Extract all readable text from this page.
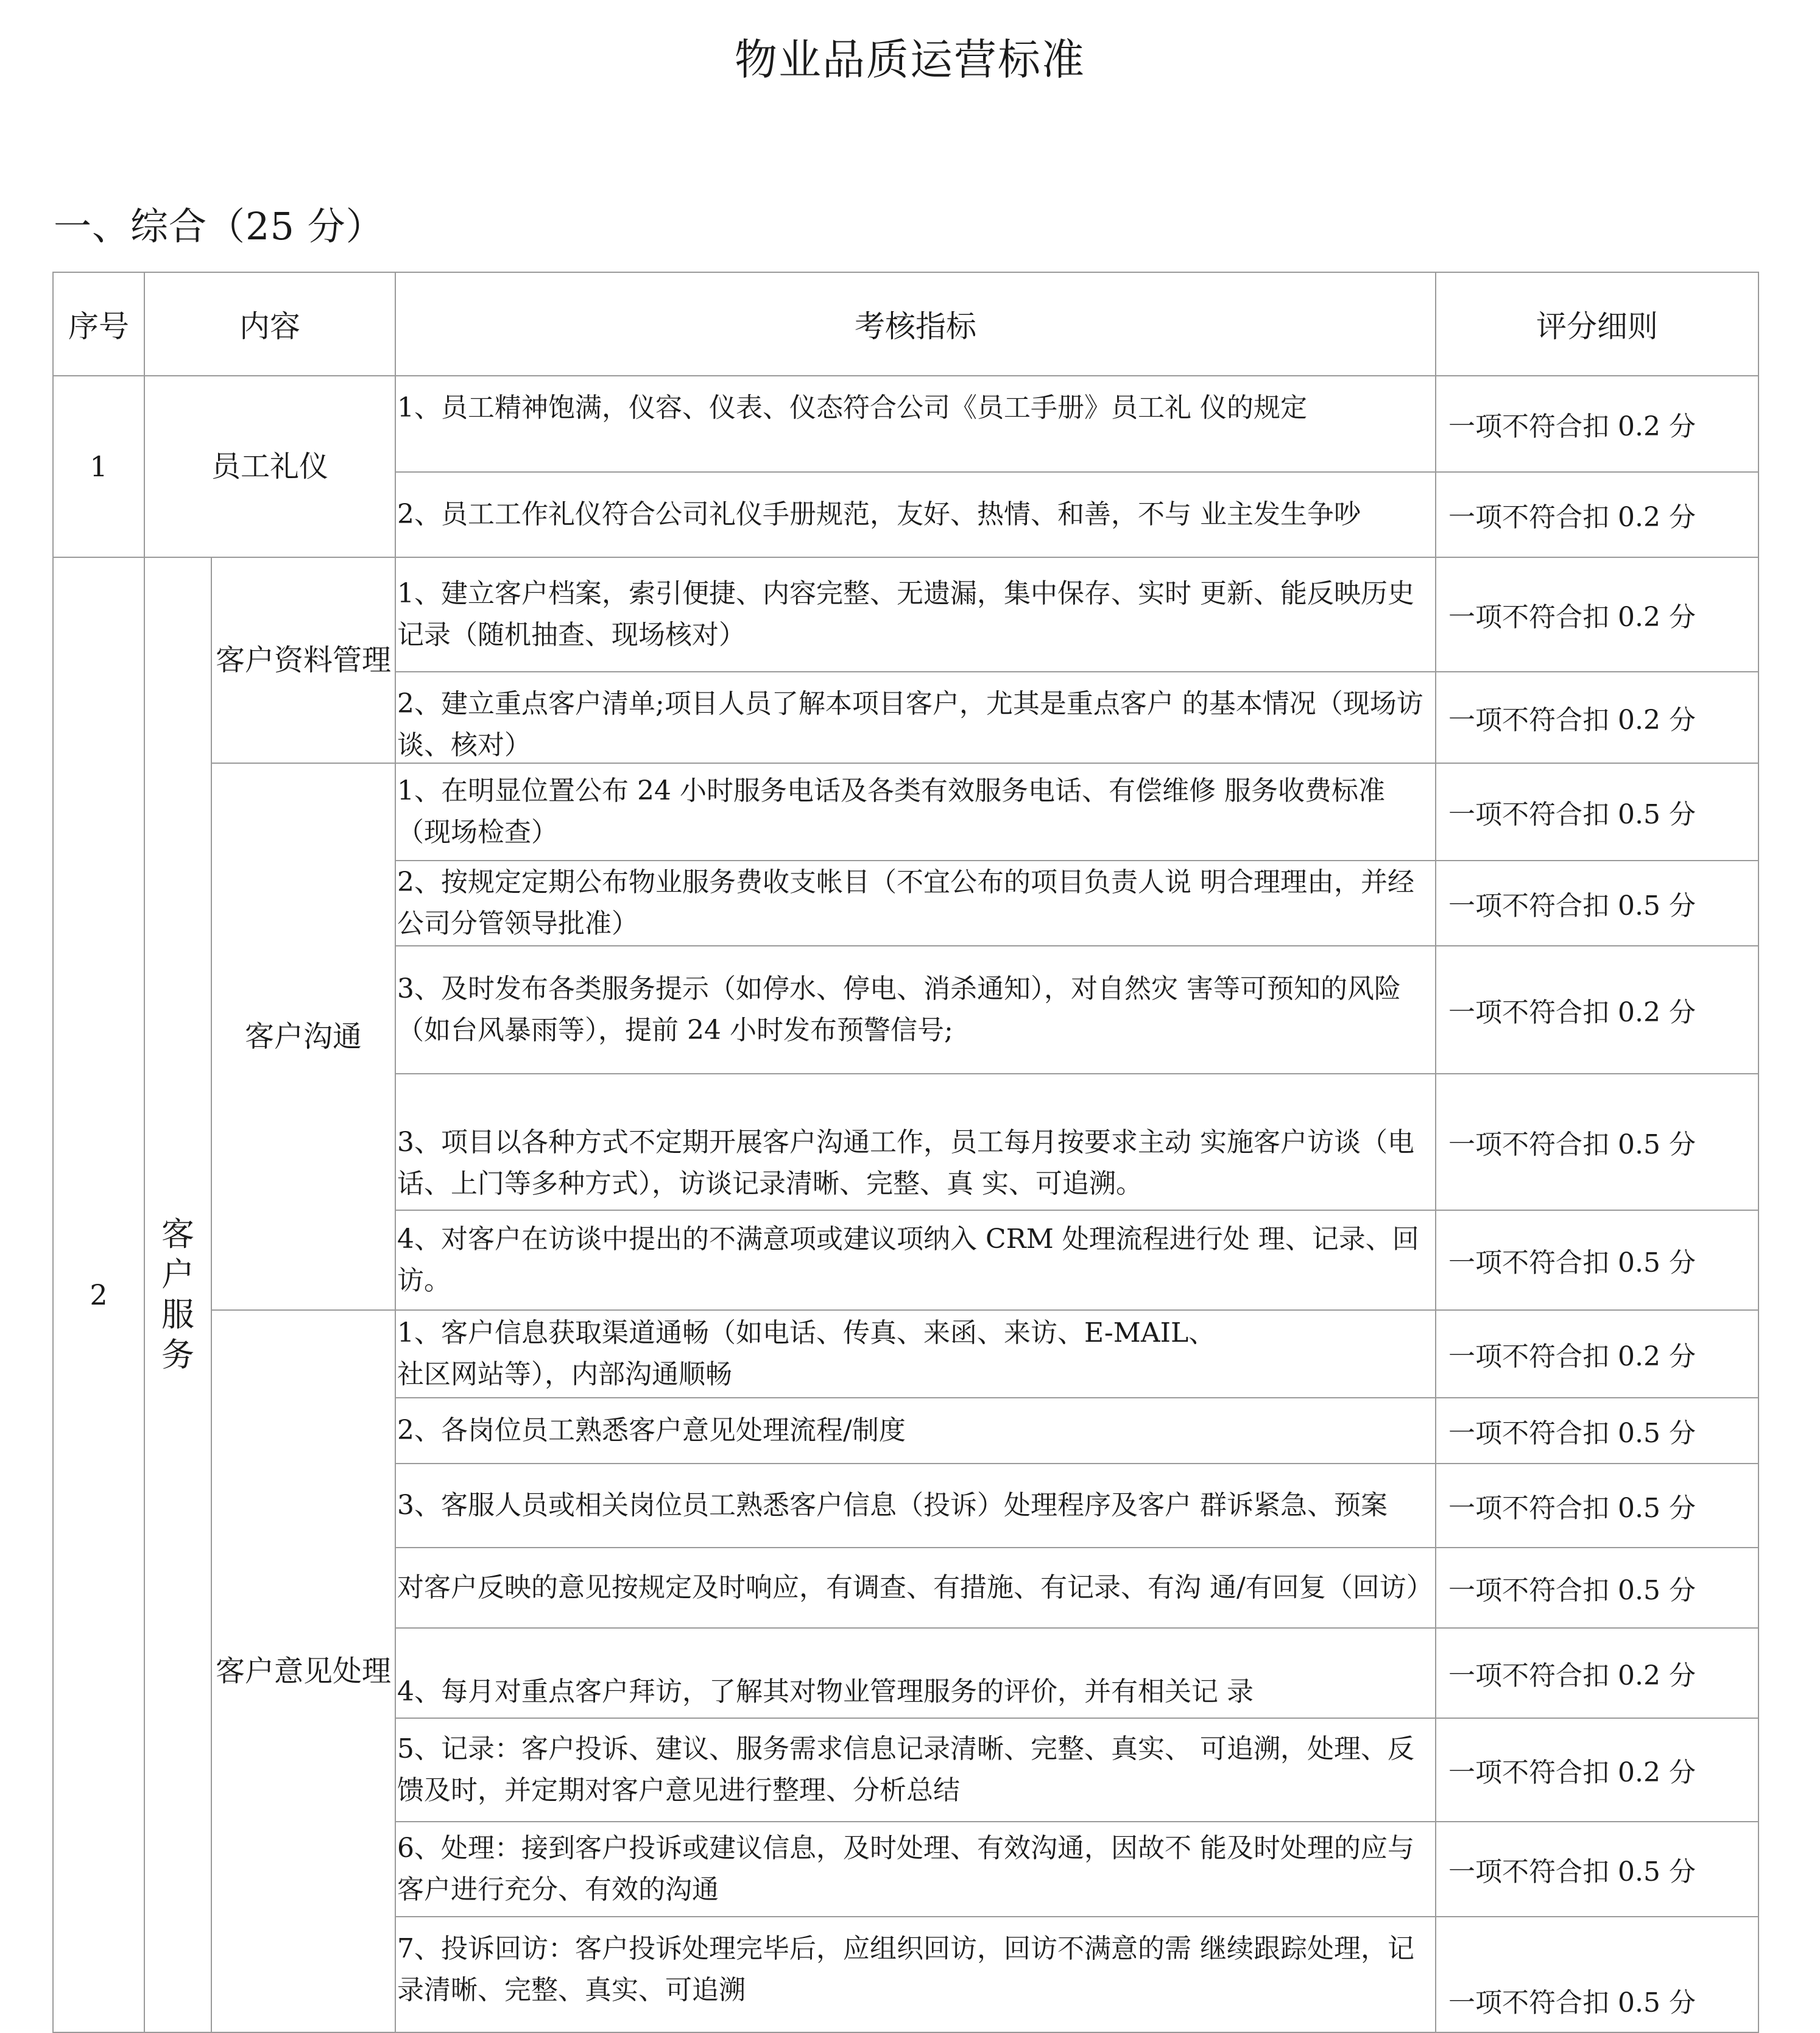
物业品质运营标准
一、综合（25 分）
序号	内容		考核指标	评分细则
1	员工礼仪		1、员工精神饱满，仪容、仪表、仪态符合公司《员工手册》员工礼 仪的规定	一项不符合扣 0.2 分
			2、员工工作礼仪符合公司礼仪手册规范，友好、热情、和善，不与 业主发生争吵	一项不符合扣 0.2 分
2	客户服务	客户资料管理	1、建立客户档案，索引便捷、内容完整、无遗漏，集中保存、实时 更新、能反映历史记录（随机抽查、现场核对）	一项不符合扣 0.2 分

			2、建立重点客户清单;项目人员了解本项目客户，尤其是重点客户 的基本情况（现场访谈、核对）	一项不符合扣 0.2 分
		客户沟通	1、在明显位置公布 24 小时服务电话及各类有效服务电话、有偿维修 服务收费标准（现场检查）	一项不符合扣 0.5 分
			2、按规定定期公布物业服务费收支帐目（不宜公布的项目负责人说 明合理理由，并经公司分管领导批准）	一项不符合扣 0.5 分
			3、及时发布各类服务提示（如停水、停电、消杀通知），对自然灾 害等可预知的风险（如台风暴雨等），提前 24 小时发布预警信号;	一项不符合扣 0.2 分
			3、项目以各种方式不定期开展客户沟通工作，员工每月按要求主动 实施客户访谈（电话、上门等多种方式），访谈记录清晰、完整、真 实、可追溯。	一项不符合扣 0.5 分
			4、对客户在访谈中提出的不满意项或建议项纳入 CRM 处理流程进行处 理、记录、回访。	一项不符合扣 0.5 分
		客户意见处理	1、客户信息获取渠道通畅（如电话、传真、来函、来访、E-MAIL、
社区网站等），内部沟通顺畅	一项不符合扣 0.2 分
			2、各岗位员工熟悉客户意见处理流程/制度	一项不符合扣 0.5 分
			3、客服人员或相关岗位员工熟悉客户信息（投诉）处理程序及客户 群诉紧急、预案	一项不符合扣 0.5 分
			对客户反映的意见按规定及时响应，有调查、有措施、有记录、有沟 通/有回复（回访）	一项不符合扣 0.5 分
			4、每月对重点客户拜访，了解其对物业管理服务的评价，并有相关记 录	一项不符合扣 0.2 分
			5、记录：客户投诉、建议、服务需求信息记录清晰、完整、真实、 可追溯，处理、反馈及时，并定期对客户意见进行整理、分析总结	一项不符合扣 0.2 分
			6、处理：接到客户投诉或建议信息，及时处理、有效沟通，因故不 能及时处理的应与客户进行充分、有效的沟通	一项不符合扣 0.5 分
			7、投诉回访：客户投诉处理完毕后，应组织回访，回访不满意的需 继续跟踪处理，记录清晰、完整、真实、可追溯	一项不符合扣 0.5 分
